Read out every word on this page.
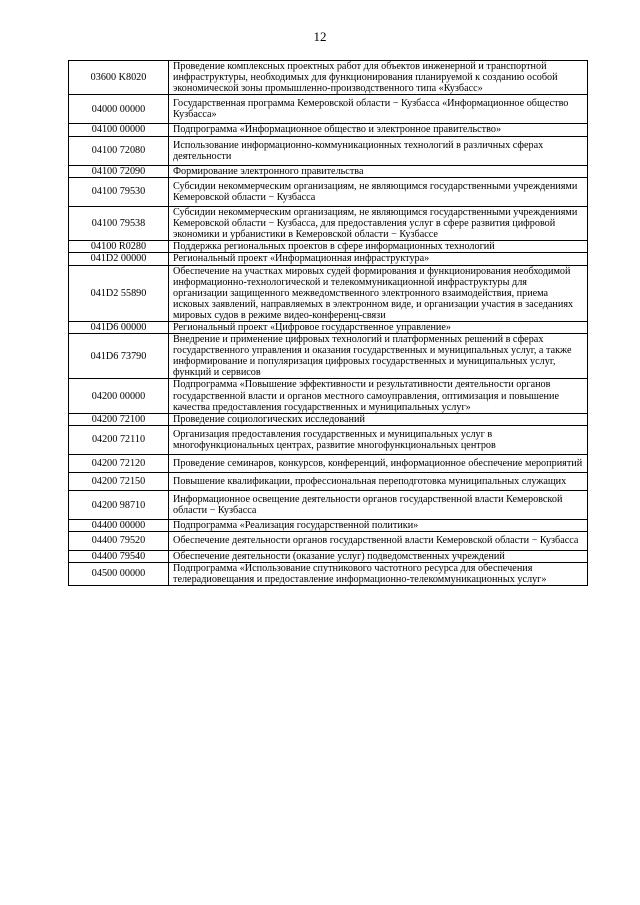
12
03600 K8020	Проведение комплексных проектных работ для объектов инженерной и транспортной инфраструктуры, необходимых для функционирования планируемой к созданию особой экономической зоны промышленно-производственного типа «Кузбасс»
04000 00000	Государственная программа Кемеровской области − Кузбасса «Информационное общество Кузбасса»
04100 00000	Подпрограмма «Информационное общество и электронное правительство»
04100 72080	Использование информационно-коммуникационных технологий в различных сферах деятельности
04100 72090	Формирование электронного правительства
04100 79530	Субсидии некоммерческим организациям, не являющимся государственными учреждениями Кемеровской области − Кузбасса
04100 79538	Субсидии некоммерческим организациям, не являющимся государственными учреждениями Кемеровской области − Кузбасса, для предоставления услуг в сфере развития цифровой экономики и урбанистики в Кемеровской области − Кузбассе
04100 R0280	Поддержка региональных проектов в сфере информационных технологий
041D2 00000	Региональный проект «Информационная инфраструктура»
041D2 55890	Обеспечение на участках мировых судей формирования и функционирования необходимой информационно-технологической и телекоммуникационной инфраструктуры для организации защищенного межведомственного электронного взаимодействия, приема исковых заявлений, направляемых в электронном виде, и организации участия в заседаниях мировых судов в режиме видео-конференц-связи
041D6 00000	Региональный проект «Цифровое государственное управление»
041D6 73790	Внедрение и применение цифровых технологий и платформенных решений в сферах государственного управления и оказания государственных и муниципальных услуг, а также информирование и популяризация цифровых государственных и муниципальных услуг, функций и сервисов
04200 00000	Подпрограмма «Повышение эффективности и результативности деятельности органов государственной власти и органов местного самоуправления, оптимизация и повышение качества предоставления государственных и муниципальных услуг»
04200 72100	Проведение социологических исследований
04200 72110	Организация предоставления государственных и муниципальных услуг в многофункциональных центрах, развитие многофункциональных центров
04200 72120	Проведение семинаров, конкурсов, конференций, информационное обеспечение мероприятий
04200 72150	Повышение квалификации, профессиональная переподготовка муниципальных служащих
04200 98710	Информационное освещение деятельности органов государственной власти Кемеровской области − Кузбасса
04400 00000	Подпрограмма «Реализация государственной политики»
04400 79520	Обеспечение деятельности органов государственной власти Кемеровской области − Кузбасса
04400 79540	Обеспечение деятельности (оказание услуг) подведомственных учреждений
04500 00000	Подпрограмма «Использование спутникового частотного ресурса для обеспечения телерадиовещания и предоставление информационно-телекоммуникационных услуг»
